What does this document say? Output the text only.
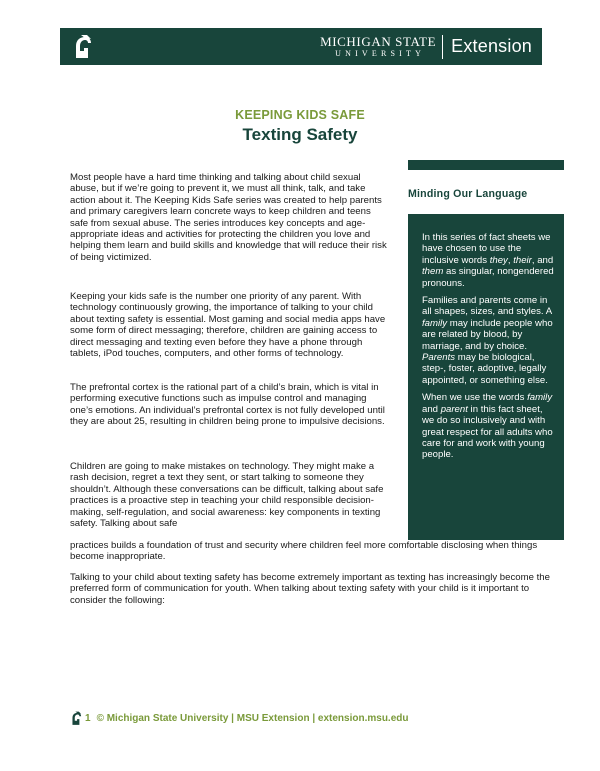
MICHIGAN STATE
UNIVERSITY Extension
KEEPING KIDS SAFE
Texting Safety

Most people have a hard time thinking and talking about child sexual abuse, but if we’re going to prevent it, we must all think, talk, and take action about it. The Keeping Kids Safe series was created to help parents and primary caregivers learn concrete ways to keep children and teens safe from sexual abuse. The series introduces key concepts and age-appropriate ideas and activities for protecting the children you love and helping them learn and build skills and knowledge that will reduce their risk of being victimized.

Keeping your kids safe is the number one priority of any parent. With technology continuously growing, the importance of talking to your child about texting safety is essential. Most gaming and social media apps have some form of direct messaging; therefore, children are gaining access to direct messaging and texting even before they have a phone through tablets, iPod touches, computers, and other forms of technology.

The prefrontal cortex is the rational part of a child’s brain, which is vital in performing executive functions such as impulse control and managing one’s emotions. An individual’s prefrontal cortex is not fully developed until they are about 25, resulting in children being prone to impulsive decisions.

Children are going to make mistakes on technology. They might make a rash decision, regret a text they sent, or start talking to someone they shouldn’t. Although these conversations can be difficult, talking about safe practices is a proactive step in teaching your child responsible decision-making, self-regulation, and social awareness: key components in texting safety. Talking about safe

practices builds a foundation of trust and security where children feel more comfortable disclosing when things become inappropriate.

Talking to your child about texting safety has become extremely important as texting has increasingly become the preferred form of communication for youth. When talking about texting safety with your child is it important to consider the following:

Minding Our Language

In this series of fact sheets we have chosen to use the inclusive words they, their, and them as singular, nongendered pronouns.

Families and parents come in all shapes, sizes, and styles. A family may include people who are related by blood, by marriage, and by choice. Parents may be biological, step-, foster, adoptive, legally appointed, or something else.

When we use the words family and parent in this fact sheet, we do so inclusively and with great respect for all adults who care for and work with young people.

1 © Michigan State University | MSU Extension | extension.msu.edu
